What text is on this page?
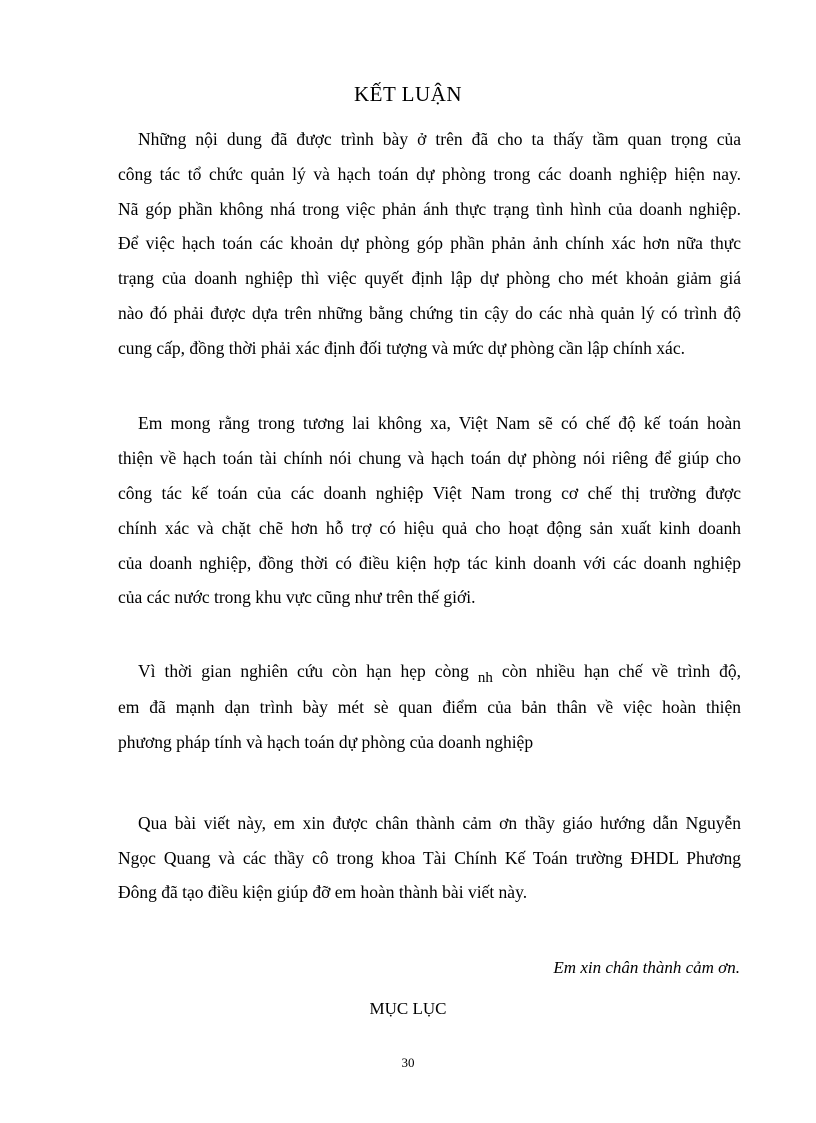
KẾT LUẬN
Những nội dung đã được trình bày ở trên đã cho ta thấy tầm quan trọng của
công tác tổ chức quản lý và hạch toán dự phòng trong các doanh nghiệp hiện nay.
Nã góp phần không nhá trong việc phản ánh thực trạng tình hình của doanh nghiệp.
Để việc hạch toán các khoản dự phòng góp phần phản ảnh chính xác hơn nữa thực
trạng của doanh nghiệp thì việc quyết định lập dự phòng cho mét khoản giảm giá
nào đó phải được dựa trên những bằng chứng tin cậy do các nhà quản lý có trình độ
cung cấp, đồng thời phải xác định đối tượng và mức dự phòng cần lập chính xác.
Em mong rằng trong tương lai không xa, Việt Nam sẽ có chế độ kế toán hoàn
thiện về hạch toán tài chính nói chung và hạch toán dự phòng nói riêng để giúp cho
công tác kế toán của các doanh nghiệp Việt Nam trong cơ chế thị trường được
chính xác và chặt chẽ hơn hỗ trợ có hiệu quả cho hoạt động sản xuất kinh doanh
của doanh nghiệp, đồng thời có điều kiện hợp tác kinh doanh với các doanh nghiệp
của các nước trong khu vực cũng như trên thế giới.
Vì thời gian nghiên cứu còn hạn hẹp còng nh còn nhiều hạn chế về trình độ,
em đã mạnh dạn trình bày mét sè quan điểm của bản thân về việc hoàn thiện
phương pháp tính và hạch toán dự phòng của doanh nghiệp
Qua bài viết này, em xin được chân thành cảm ơn thầy giáo hướng dẫn Nguyễn
Ngọc Quang và các thầy cô trong khoa Tài Chính Kế Toán trường ĐHDL Phương
Đông đã tạo điều kiện giúp đỡ em hoàn thành bài viết này.
Em xin chân thành cảm ơn.
MỤC LỤC
30
